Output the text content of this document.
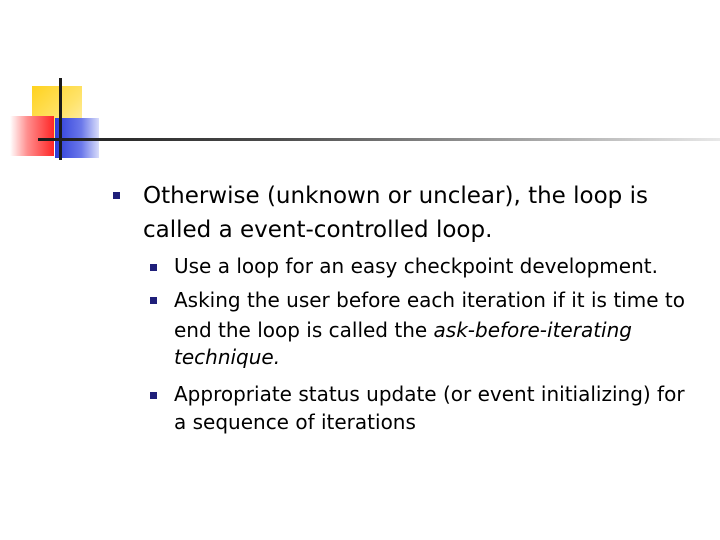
Otherwise (unknown or unclear), the loop is
called a event-controlled loop.
Use a loop for an easy checkpoint development.
Asking the user before each iteration if it is time to
end the loop is called the ask-before-iterating
technique.
Appropriate status update (or event initializing) for
a sequence of iterations
